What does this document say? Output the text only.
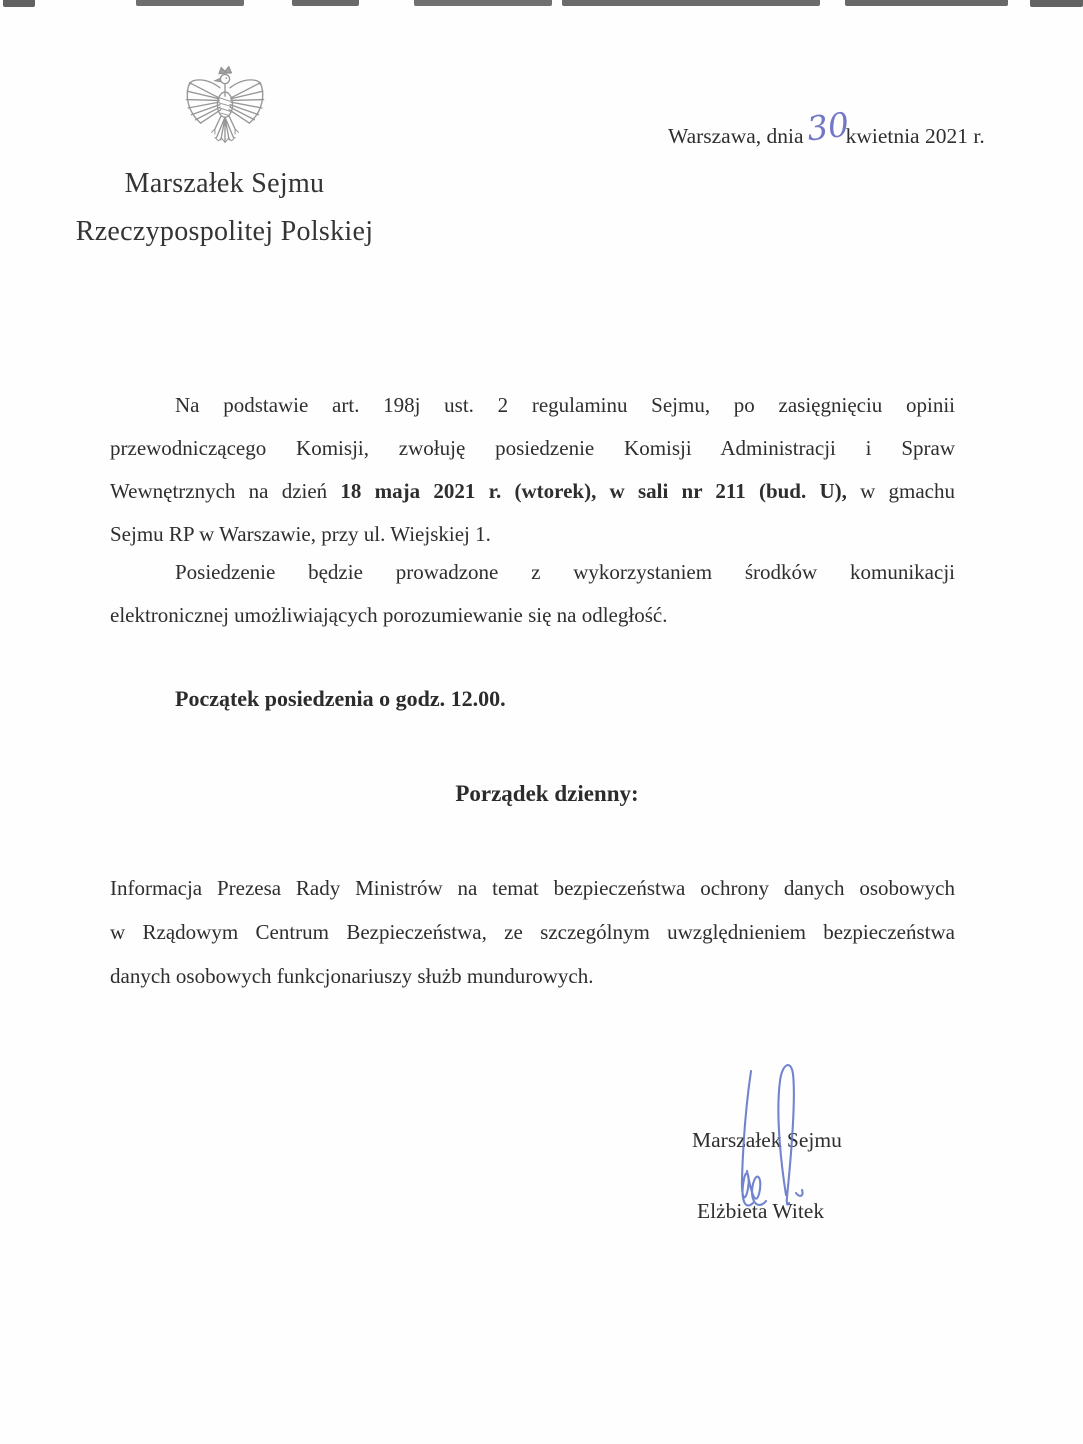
Marszałek Sejmu
Rzeczypospolitej Polskiej
Warszawa, dnia30kwietnia 2021 r.
Na podstawie art. 198j ust. 2 regulaminu Sejmu, po zasięgnięciu opinii
przewodniczącego Komisji, zwołuję posiedzenie Komisji Administracji i Spraw
Wewnętrznych na dzień 18 maja 2021 r. (wtorek), w sali nr 211 (bud. U), w gmachu
Sejmu RP w Warszawie, przy ul. Wiejskiej 1.
Posiedzenie będzie prowadzone z wykorzystaniem środków komunikacji
elektronicznej umożliwiających porozumiewanie się na odległość.
Początek posiedzenia o godz. 12.00.
Porządek dzienny:
Informacja Prezesa Rady Ministrów na temat bezpieczeństwa ochrony danych osobowych
w Rządowym Centrum Bezpieczeństwa, ze szczególnym uwzględnieniem bezpieczeństwa
danych osobowych funkcjonariuszy służb mundurowych.
Marszałek Sejmu
Elżbieta Witek
